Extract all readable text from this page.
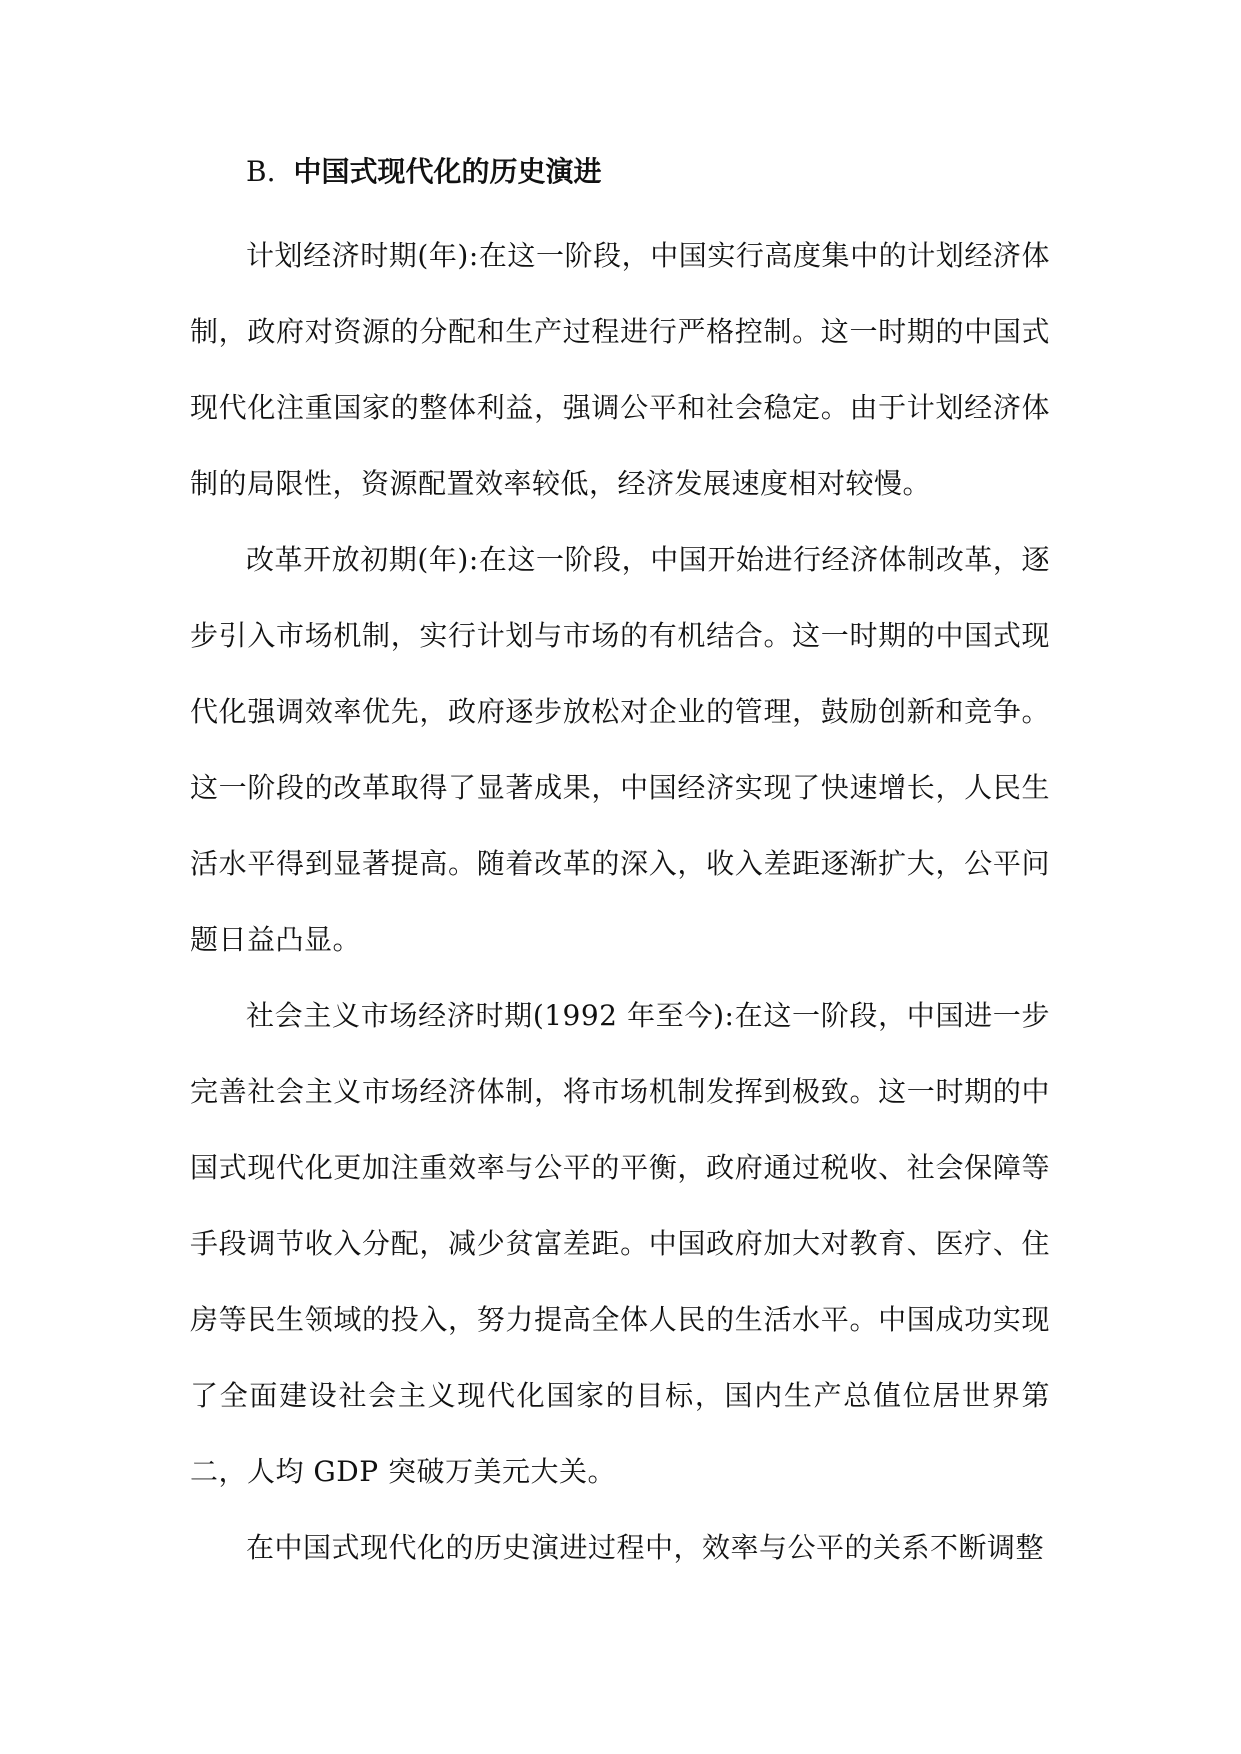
B. 中国式现代化的历史演进

计划经济时期(年):在这一阶段，中国实行高度集中的计划经济体制，政府对资源的分配和生产过程进行严格控制。这一时期的中国式现代化注重国家的整体利益，强调公平和社会稳定。由于计划经济体制的局限性，资源配置效率较低，经济发展速度相对较慢。

改革开放初期(年):在这一阶段，中国开始进行经济体制改革，逐步引入市场机制，实行计划与市场的有机结合。这一时期的中国式现代化强调效率优先，政府逐步放松对企业的管理，鼓励创新和竞争。这一阶段的改革取得了显著成果，中国经济实现了快速增长，人民生活水平得到显著提高。随着改革的深入，收入差距逐渐扩大，公平问题日益凸显。

社会主义市场经济时期(1992 年至今):在这一阶段，中国进一步完善社会主义市场经济体制，将市场机制发挥到极致。这一时期的中国式现代化更加注重效率与公平的平衡，政府通过税收、社会保障等手段调节收入分配，减少贫富差距。中国政府加大对教育、医疗、住房等民生领域的投入，努力提高全体人民的生活水平。中国成功实现了全面建设社会主义现代化国家的目标，国内生产总值位居世界第二，人均 GDP 突破万美元大关。

在中国式现代化的历史演进过程中，效率与公平的关系不断调整
